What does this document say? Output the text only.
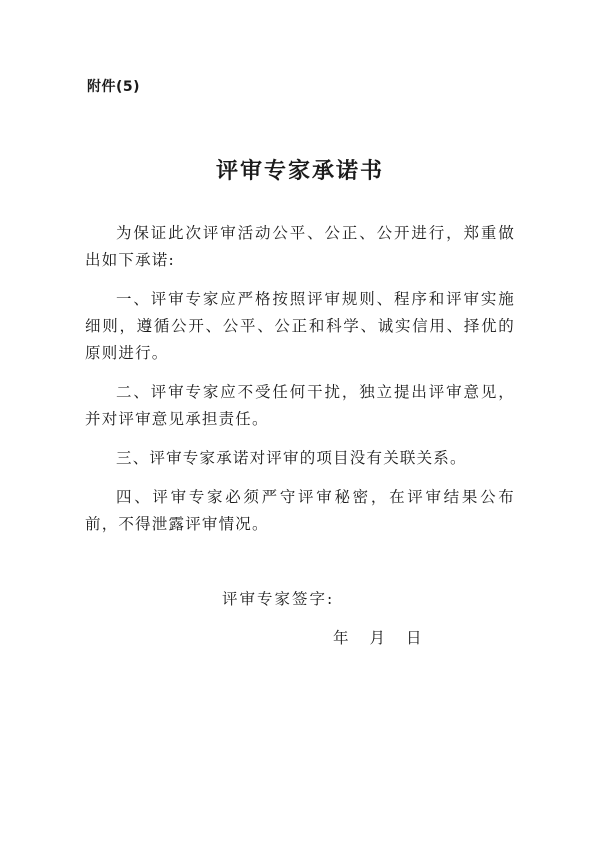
附件(5)
评审专家承诺书

为保证此次评审活动公平、公正、公开进行，郑重做出如下承诺:

一、评审专家应严格按照评审规则、程序和评审实施细则，遵循公开、公平、公正和科学、诚实信用、择优的原则进行。

二、评审专家应不受任何干扰，独立提出评审意见，并对评审意见承担责任。

三、评审专家承诺对评审的项目没有关联关系。

四、评审专家必须严守评审秘密，在评审结果公布前，不得泄露评审情况。

评审专家签字:
年 月 日
